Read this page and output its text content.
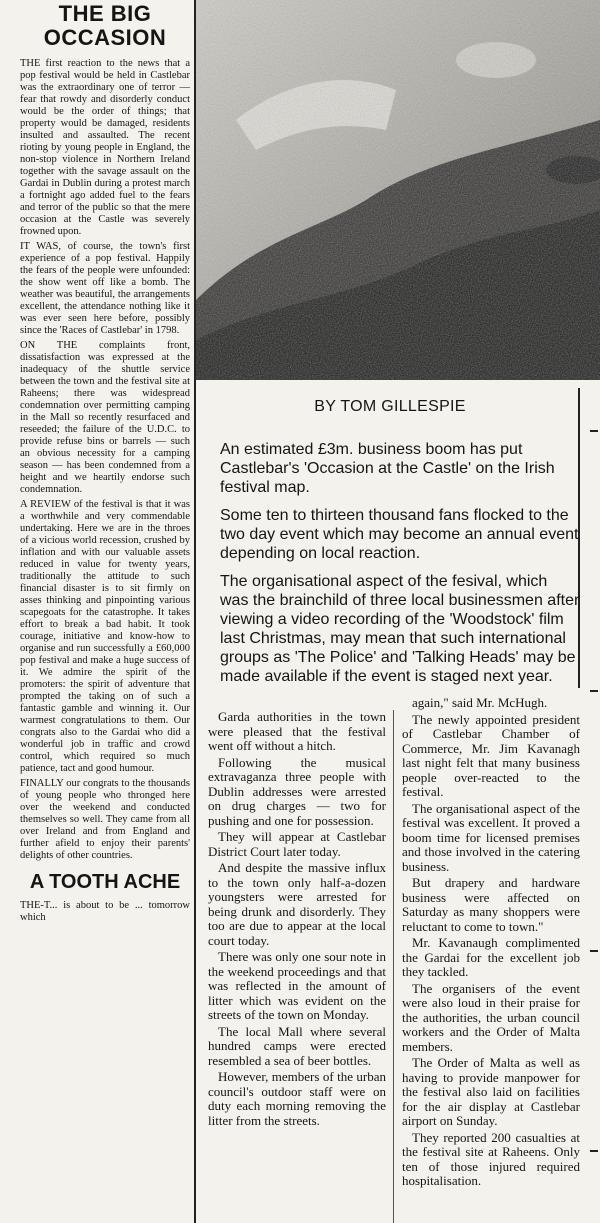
THE BIG OCCASION

THE first reaction to the news that a pop festival would be held in Castlebar was the extraordinary one of terror — fear that rowdy and disorderly conduct would be the order of things; that property would be damaged, residents insulted and assaulted. The recent rioting by young people in England, the non-stop violence in Northern Ireland together with the savage assault on the Gardai in Dublin during a protest march a fortnight ago added fuel to the fears and terror of the public so that the mere occasion at the Castle was severely frowned upon.

IT WAS, of course, the town's first experience of a pop festival. Happily the fears of the people were unfounded: the show went off like a bomb. The weather was beautiful, the arrangements excellent, the attendance nothing like it was ever seen here before, possibly since the 'Races of Castlebar' in 1798.

ON THE complaints front, dissatisfaction was expressed at the inadequacy of the shuttle service between the town and the festival site at Raheens; there was widespread condemnation over permitting camping in the Mall so recently resurfaced and reseeded; the failure of the U.D.C. to provide refuse bins or barrels — such an obvious necessity for a camping season — has been condemned from a height and we heartily endorse such condemnation.

A REVIEW of the festival is that it was a worthwhile and very commendable undertaking. Here we are in the throes of a vicious world recession, crushed by inflation and with our valuable assets reduced in value for twenty years, traditionally the attitude to such financial disaster is to sit firmly on asses thinking and pinpointing various scapegoats for the catastrophe. It takes effort to break a bad habit. It took courage, initiative and know-how to organise and run successfully a £60,000 pop festival and make a huge success of it. We admire the spirit of the promoters: the spirit of adventure that prompted the taking on of such a fantastic gamble and winning it. Our warmest congratulations to them. Our congrats also to the Gardai who did a wonderful job in traffic and crowd control, which required so much patience, tact and good humour.

FINALLY our congrats to the thousands of young people who thronged here over the weekend and conducted themselves so well. They came from all over Ireland and from England and further afield to enjoy their parents' delights of other countries.

A TOOTH ACHE

THE-T... is about to be ... tomorrow which

BY TOM GILLESPIE

An estimated £3m. business boom has put Castlebar's 'Occasion at the Castle' on the Irish festival map.

Some ten to thirteen thousand fans flocked to the two day event which may become an annual event depending on local reaction.

The organisational aspect of the fesival, which was the brainchild of three local businessmen after viewing a video recording of the 'Woodstock' film last Christmas, may mean that such international groups as 'The Police' and 'Talking Heads' may be made available if the event is staged next year.

Garda authorities in the town were pleased that the festival went off without a hitch.

Following the musical extravaganza three people with Dublin addresses were arrested on drug charges — two for pushing and one for possession.

They will appear at Castlebar District Court later today.

And despite the massive influx to the town only half-a-dozen youngsters were arrested for being drunk and disorderly. They too are due to appear at the local court today.

There was only one sour note in the weekend proceedings and that was reflected in the amount of litter which was evident on the streets of the town on Monday.

The local Mall where several hundred camps were erected resembled a sea of beer bottles.

However, members of the urban council's outdoor staff were on duty each morning removing the litter from the streets.

again," said Mr. McHugh.

The newly appointed president of Castlebar Chamber of Commerce, Mr. Jim Kavanagh last night felt that many business people over-reacted to the festival.

The organisational aspect of the festival was excellent. It proved a boom time for licensed premises and those involved in the catering business.

But drapery and hardware business were affected on Saturday as many shoppers were reluctant to come to town."

Mr. Kavanaugh complimented the Gardai for the excellent job they tackled.

The organisers of the event were also loud in their praise for the authorities, the urban council workers and the Order of Malta members.

The Order of Malta as well as having to provide manpower for the festival also laid on facilities for the air display at Castlebar airport on Sunday.

They reported 200 casualties at the festival site at Raheens. Only ten of those injured required hospitalisation.
